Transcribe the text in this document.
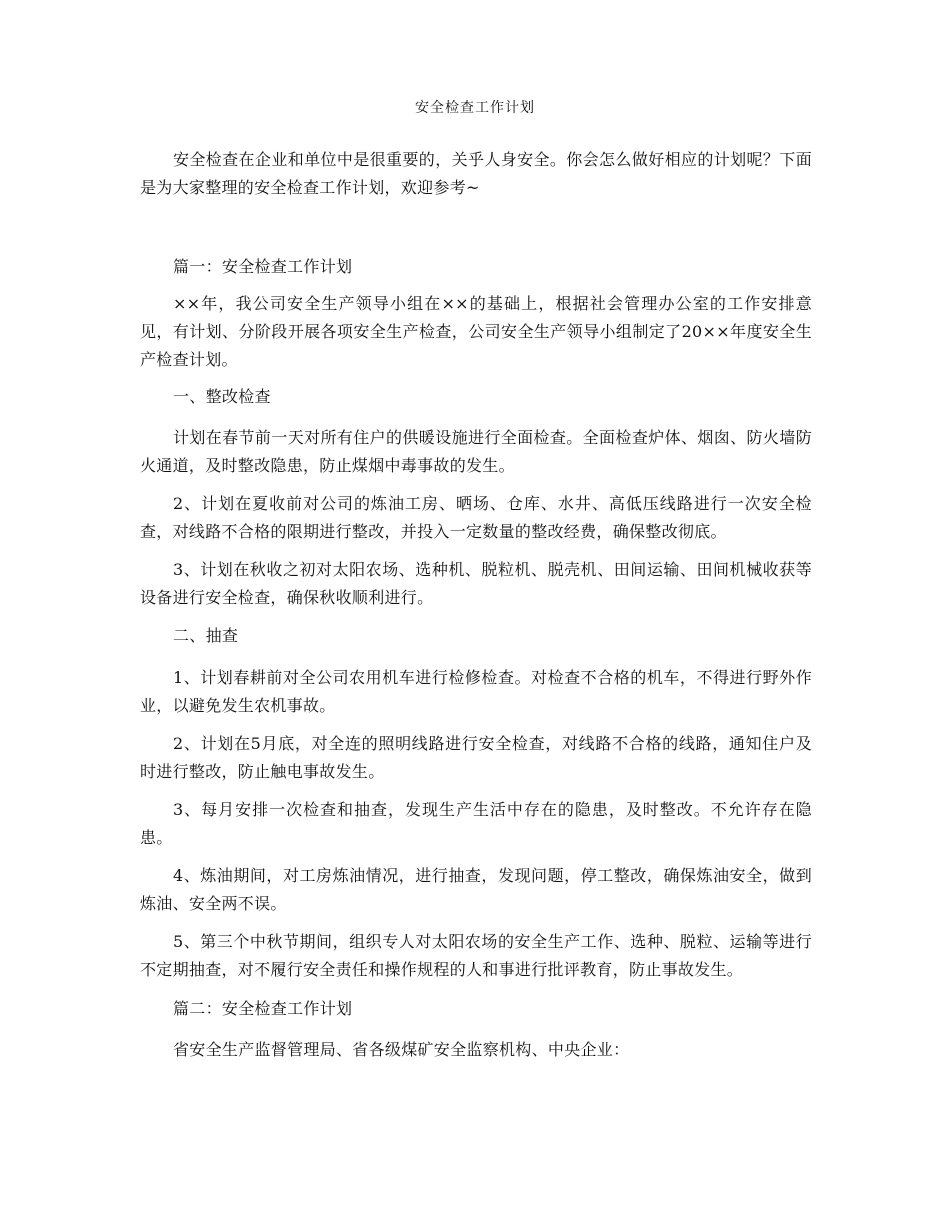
安全检查工作计划

安全检查在企业和单位中是很重要的，关乎人身安全。你会怎么做好相应的计划呢？下面是为大家整理的安全检查工作计划，欢迎参考~

篇一：安全检查工作计划

××年，我公司安全生产领导小组在××的基础上，根据社会管理办公室的工作安排意见，有计划、分阶段开展各项安全生产检查，公司安全生产领导小组制定了20××年度安全生产检查计划。

一、整改检查

计划在春节前一天对所有住户的供暖设施进行全面检查。全面检查炉体、烟囱、防火墙防火通道，及时整改隐患，防止煤烟中毒事故的发生。

2、计划在夏收前对公司的炼油工房、晒场、仓库、水井、高低压线路进行一次安全检查，对线路不合格的限期进行整改，并投入一定数量的整改经费，确保整改彻底。

3、计划在秋收之初对太阳农场、选种机、脱粒机、脱壳机、田间运输、田间机械收获等设备进行安全检查，确保秋收顺利进行。

二、抽查

1、计划春耕前对全公司农用机车进行检修检查。对检查不合格的机车，不得进行野外作业，以避免发生农机事故。

2、计划在5月底，对全连的照明线路进行安全检查，对线路不合格的线路，通知住户及时进行整改，防止触电事故发生。

3、每月安排一次检查和抽查，发现生产生活中存在的隐患，及时整改。不允许存在隐患。

4、炼油期间，对工房炼油情况，进行抽查，发现问题，停工整改，确保炼油安全，做到炼油、安全两不误。

5、第三个中秋节期间，组织专人对太阳农场的安全生产工作、选种、脱粒、运输等进行不定期抽查，对不履行安全责任和操作规程的人和事进行批评教育，防止事故发生。

篇二：安全检查工作计划

省安全生产监督管理局、省各级煤矿安全监察机构、中央企业：
